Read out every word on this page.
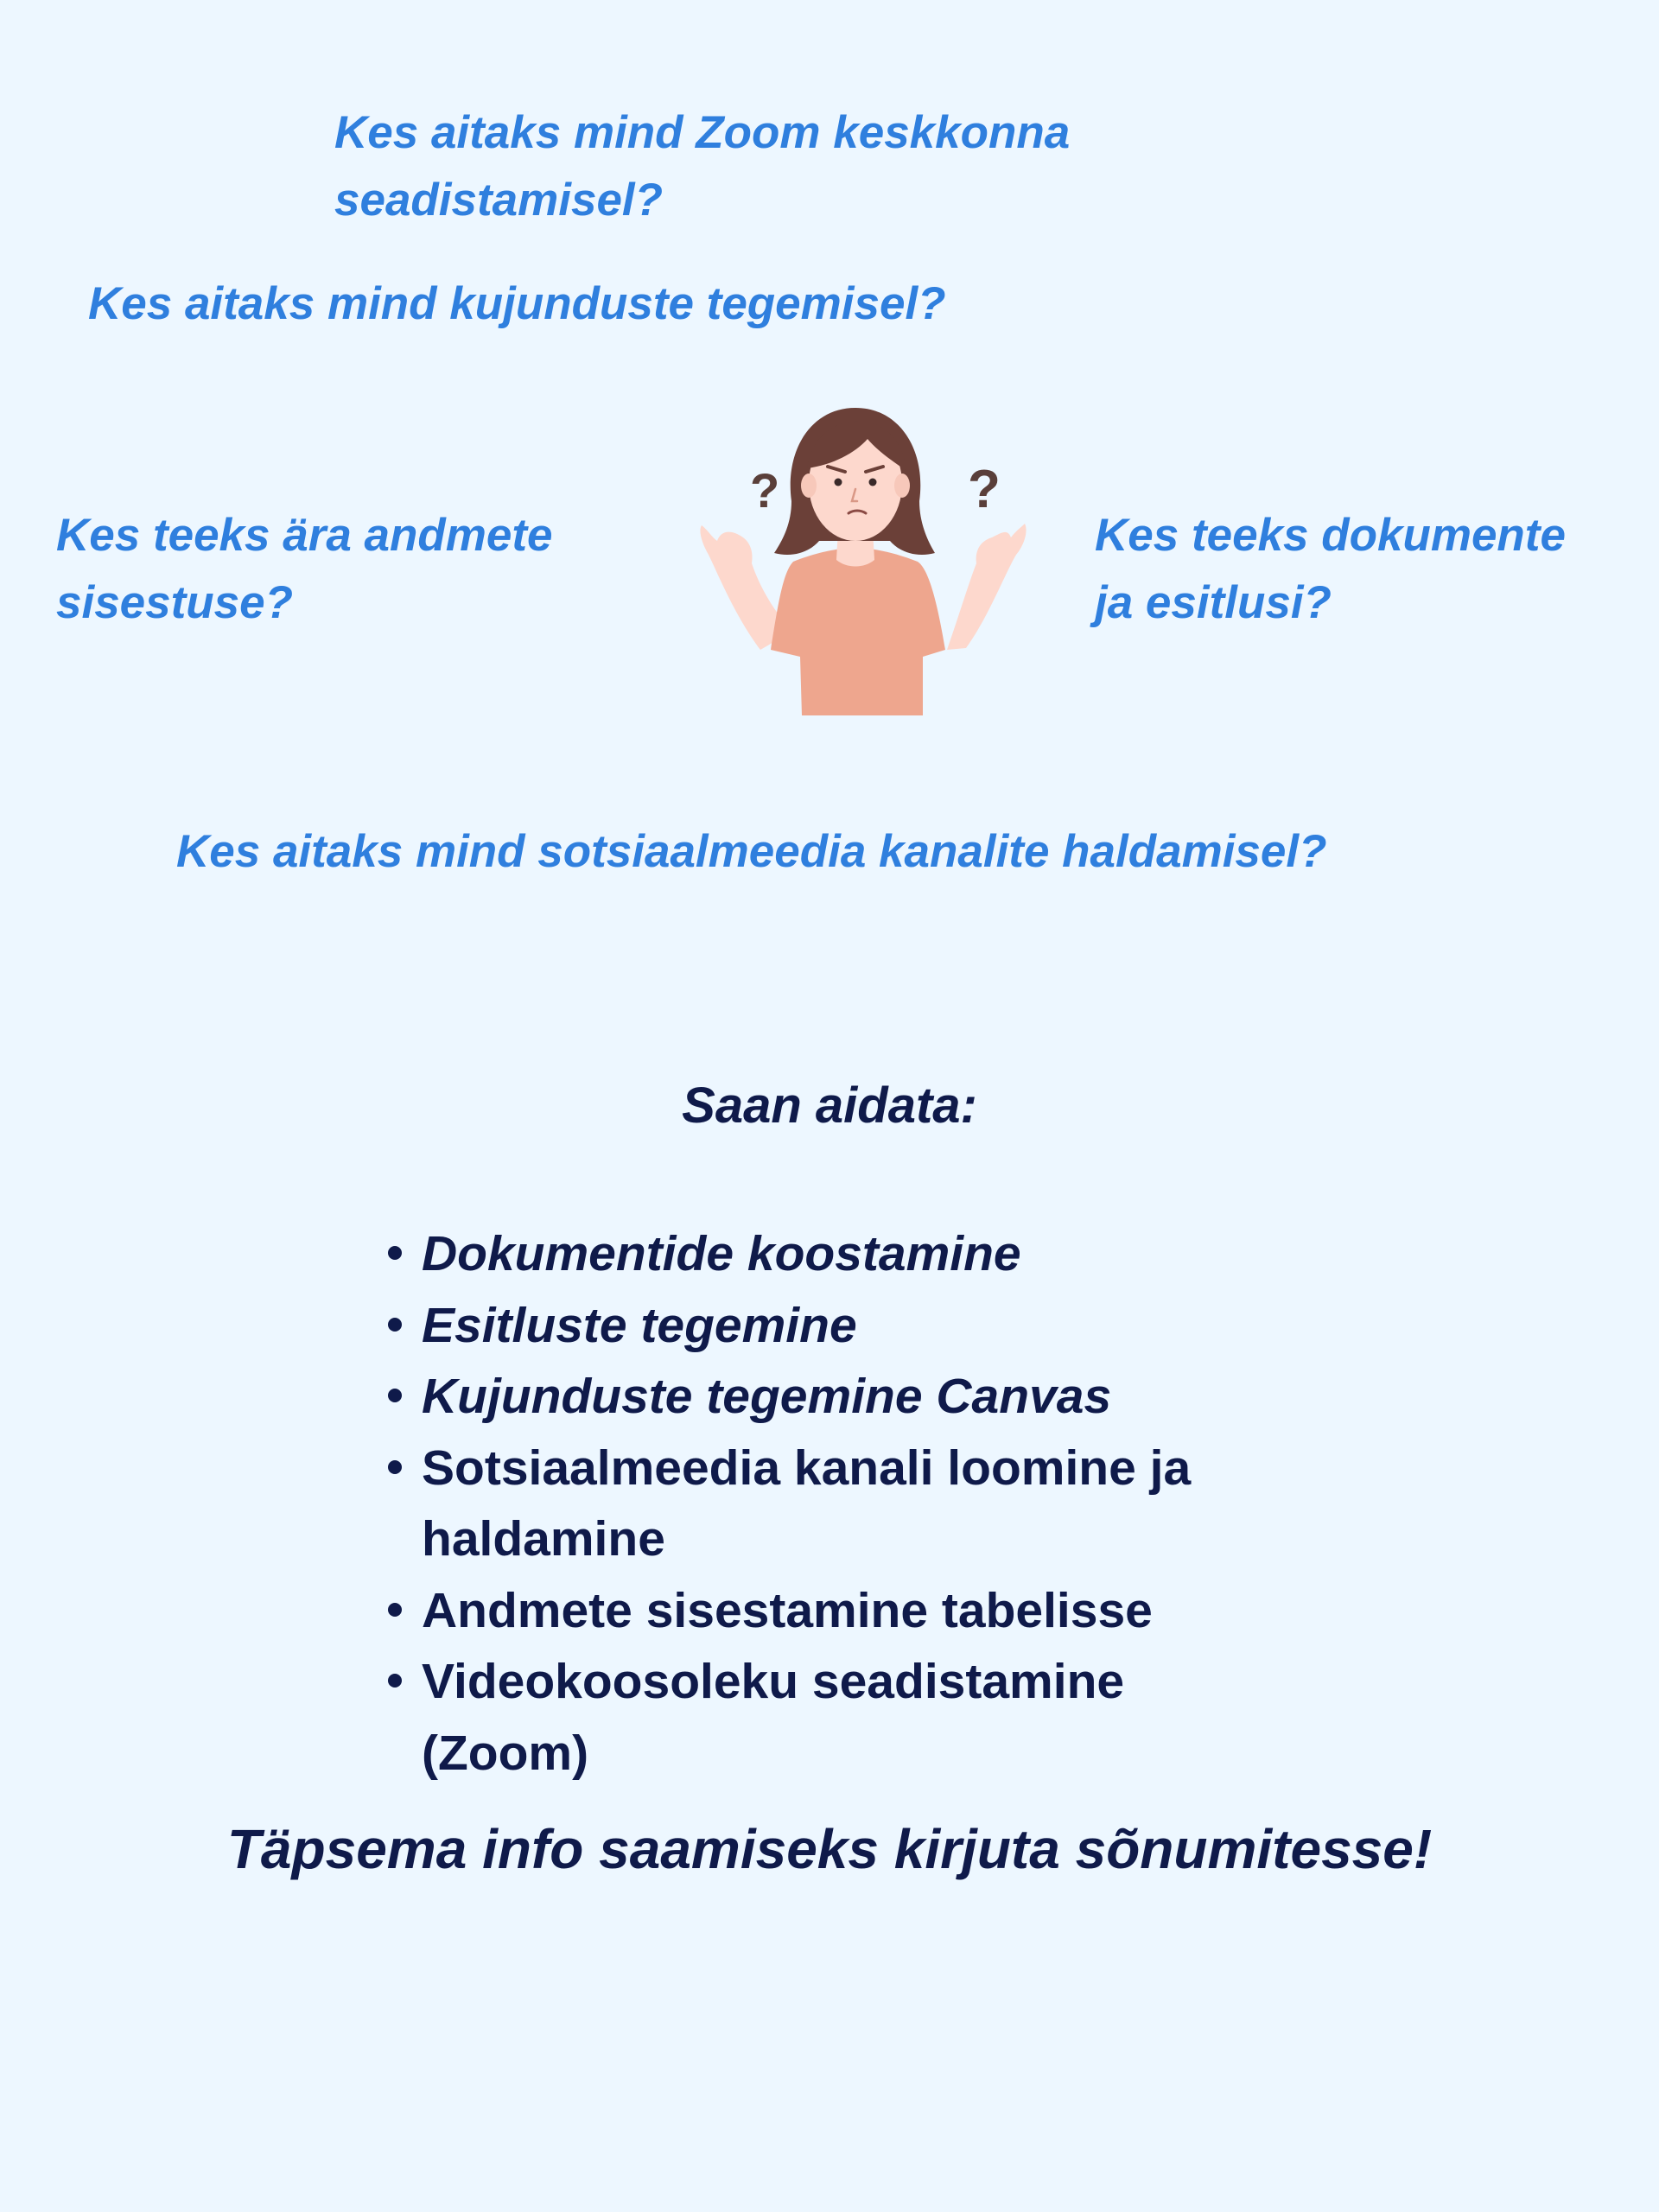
Kes aitaks mind Zoom keskkonna
seadistamisel?

Kes aitaks mind kujunduste tegemisel?

Kes teeks ära andmete
sisestuse?

Kes teeks dokumente
ja esitlusi?

Kes aitaks mind sotsiaalmeedia kanalite haldamisel?

?	?
Saan aidata:
Dokumentide koostamine
Esitluste tegemine
Kujunduste tegemine Canvas
Sotsiaalmeedia kanali loomine ja
haldamine
Andmete sisestamine tabelisse
Videokoosoleku seadistamine
(Zoom)

Täpsema info saamiseks kirjuta sõnumitesse!
